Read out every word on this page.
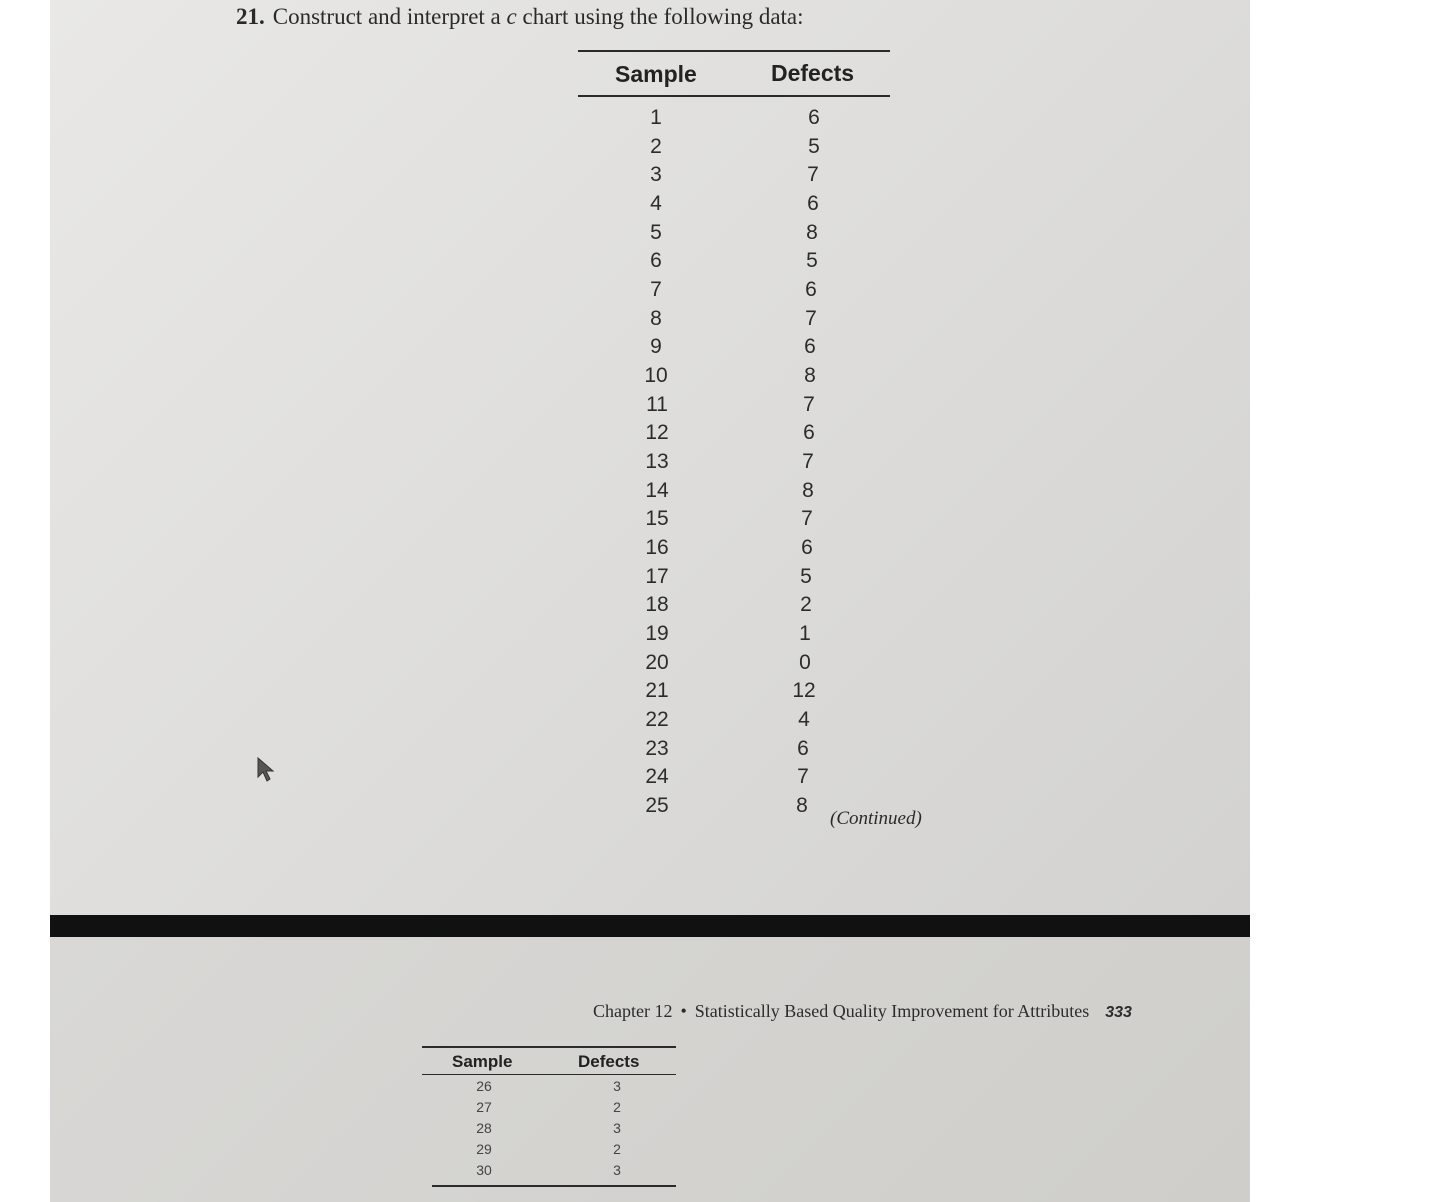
21. Construct and interpret a c chart using the following data:
Sample	Defects
1	6
2	5
3	7
4	6
5	8
6	5
7	6
8	7
9	6
10	8
11	7
12	6
13	7
14	8
15	7
16	6
17	5
18	2
19	1
20	0
21	12
22	4
23	6
24	7
25	8
(Continued)
Chapter 12 • Statistically Based Quality Improvement for Attributes 333
Sample	Defects
26	3
27	2
28	3
29	2
30	3
